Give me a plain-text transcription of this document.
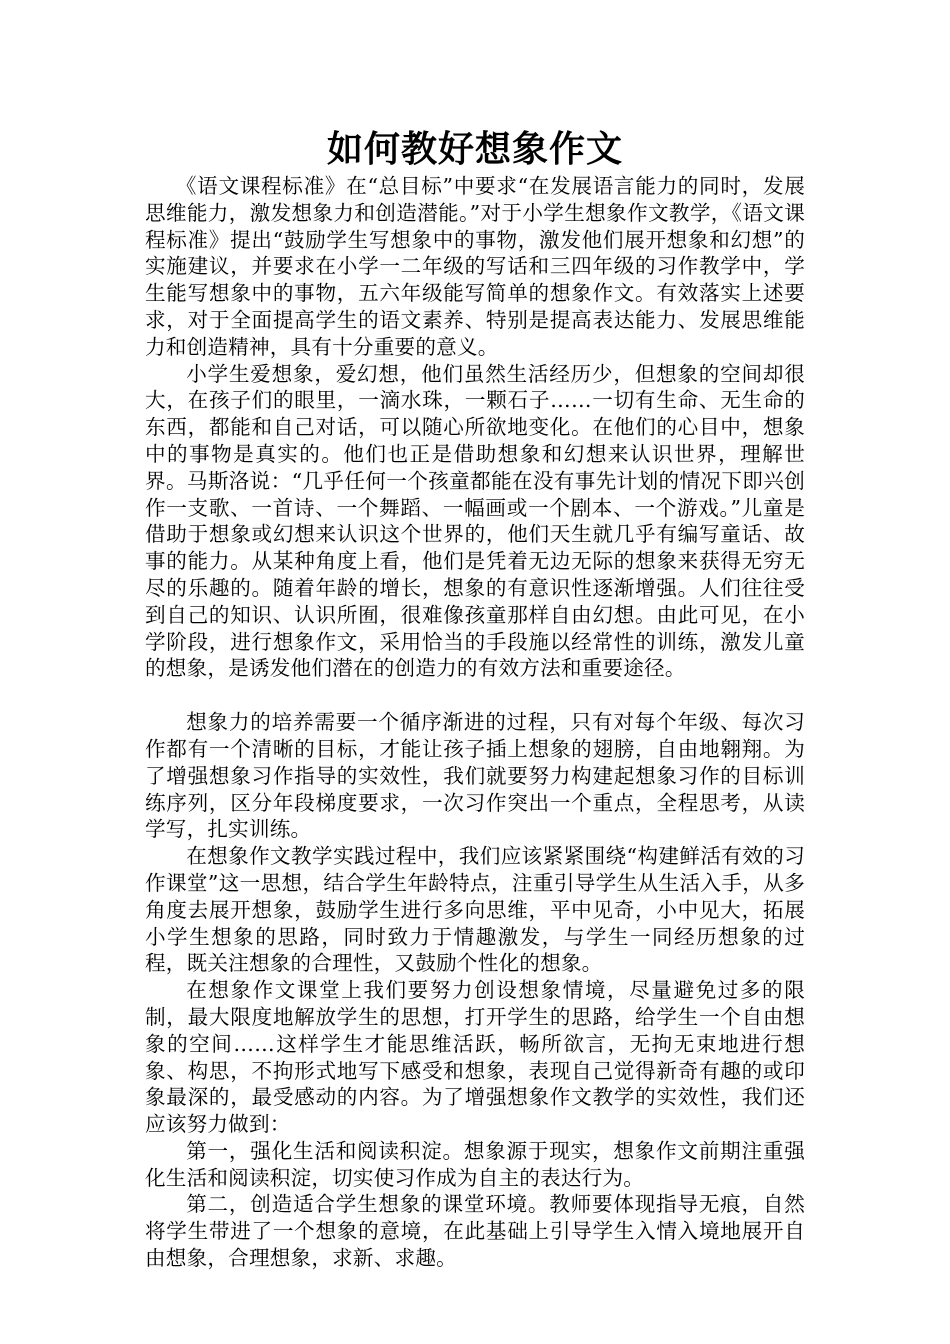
如何教好想象作文

《语文课程标准》在“总目标”中要求“在发展语言能力的同时，发展思维能力，激发想象力和创造潜能。”对于小学生想象作文教学，《语文课程标准》提出“鼓励学生写想象中的事物，激发他们展开想象和幻想”的实施建议，并要求在小学一二年级的写话和三四年级的习作教学中，学生能写想象中的事物，五六年级能写简单的想象作文。有效落实上述要求，对于全面提高学生的语文素养、特别是提高表达能力、发展思维能力和创造精神，具有十分重要的意义。

小学生爱想象，爱幻想，他们虽然生活经历少，但想象的空间却很大，在孩子们的眼里，一滴水珠，一颗石子……一切有生命、无生命的东西，都能和自己对话，可以随心所欲地变化。在他们的心目中，想象中的事物是真实的。他们也正是借助想象和幻想来认识世界，理解世界。马斯洛说：“几乎任何一个孩童都能在没有事先计划的情况下即兴创作一支歌、一首诗、一个舞蹈、一幅画或一个剧本、一个游戏。”儿童是借助于想象或幻想来认识这个世界的，他们天生就几乎有编写童话、故事的能力。从某种角度上看，他们是凭着无边无际的想象来获得无穷无尽的乐趣的。随着年龄的增长，想象的有意识性逐渐增强。人们往往受到自己的知识、认识所囿，很难像孩童那样自由幻想。由此可见，在小学阶段，进行想象作文，采用恰当的手段施以经常性的训练，激发儿童的想象，是诱发他们潜在的创造力的有效方法和重要途径。

想象力的培养需要一个循序渐进的过程，只有对每个年级、每次习作都有一个清晰的目标，才能让孩子插上想象的翅膀，自由地翱翔。为了增强想象习作指导的实效性，我们就要努力构建起想象习作的目标训练序列，区分年段梯度要求，一次习作突出一个重点，全程思考，从读学写，扎实训练。

在想象作文教学实践过程中，我们应该紧紧围绕“构建鲜活有效的习作课堂”这一思想，结合学生年龄特点，注重引导学生从生活入手，从多角度去展开想象，鼓励学生进行多向思维，平中见奇，小中见大，拓展小学生想象的思路，同时致力于情趣激发，与学生一同经历想象的过程，既关注想象的合理性，又鼓励个性化的想象。

在想象作文课堂上我们要努力创设想象情境，尽量避免过多的限制，最大限度地解放学生的思想，打开学生的思路，给学生一个自由想象的空间……这样学生才能思维活跃，畅所欲言，无拘无束地进行想象、构思，不拘形式地写下感受和想象，表现自己觉得新奇有趣的或印象最深的，最受感动的内容。为了增强想象作文教学的实效性，我们还应该努力做到：

第一，强化生活和阅读积淀。想象源于现实，想象作文前期注重强化生活和阅读积淀，切实使习作成为自主的表达行为。

第二，创造适合学生想象的课堂环境。教师要体现指导无痕，自然将学生带进了一个想象的意境，在此基础上引导学生入情入境地展开自由想象，合理想象，求新、求趣。
